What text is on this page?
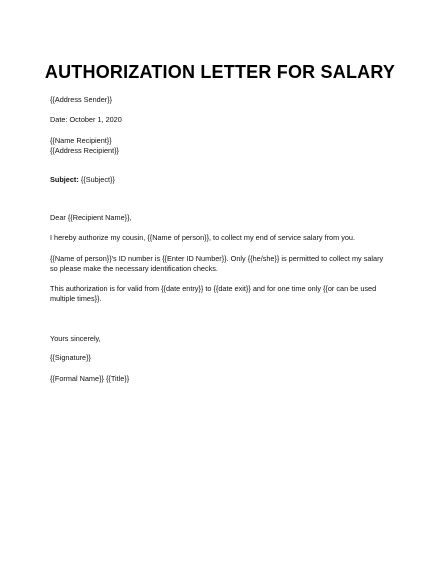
AUTHORIZATION LETTER FOR SALARY
{{Address Sender}}
Date: October 1, 2020
{{Name Recipient}}
{{Address Recipient}}
Subject: {{Subject}}
Dear {{Recipient Name}},
I hereby authorize my cousin, {{Name of person}}, to collect my end of service salary from you.
{{Name of person}}'s ID number is {{Enter ID Number}}. Only {{he/she}} is permitted to collect my salary
so please make the necessary identification checks.
This authorization is for valid from {{date entry}} to {{date exit}} and for one time only {{or can be used
multiple times}}.
Yours sincerely,
{{Signature}}
{{Formal Name}} {{Title}}
